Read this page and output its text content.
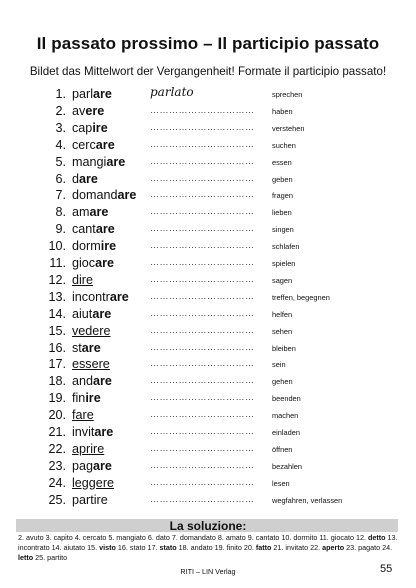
Il passato prossimo – Il participio passato
Bildet das Mittelwort der Vergangenheit! Formate il participio passato!
1. parlare	parlato	sprechen
2. avere	……………………………	haben
3. capire	……………………………	verstehen
4. cercare	……………………………	suchen
5. mangiare	……………………………	essen
6. dare	……………………………	geben
7. domandare ……………………………	fragen
8. amare	……………………………	lieben
9. cantare	……………………………	singen
10. dormire	……………………………	schlafen
11. giocare	……………………………	spielen
12. dire	……………………………	sagen
13. incontrare ……………………………	treffen, begegnen
14. aiutare	……………………………	helfen
15. vedere	……………………………	sehen
16. stare	……………………………	bleiben
17. essere	……………………………	sein
18. andare	……………………………	gehen
19. finire	……………………………	beenden
20. fare	……………………………	machen
21. invitare	……………………………	einladen
22. aprire	……………………………	öffnen
23. pagare	……………………………	bezahlen
24. leggere	……………………………	lesen
25. partire	……………………………	wegfahren, verlassen
La soluzione:
2. avuto 3. capito 4. cercato 5. mangiato 6. dato 7. domandato 8. amato 9. cantato 10. dormito 11. giocato 12. detto 13. incontrato 14. aiutato 15. visto 16. stato 17. stato 18. andato 19. finito 20. fatto 21. invitato 22. aperto 23. pagato 24. letto 25. partito
RITI – LIN Verlag	55
